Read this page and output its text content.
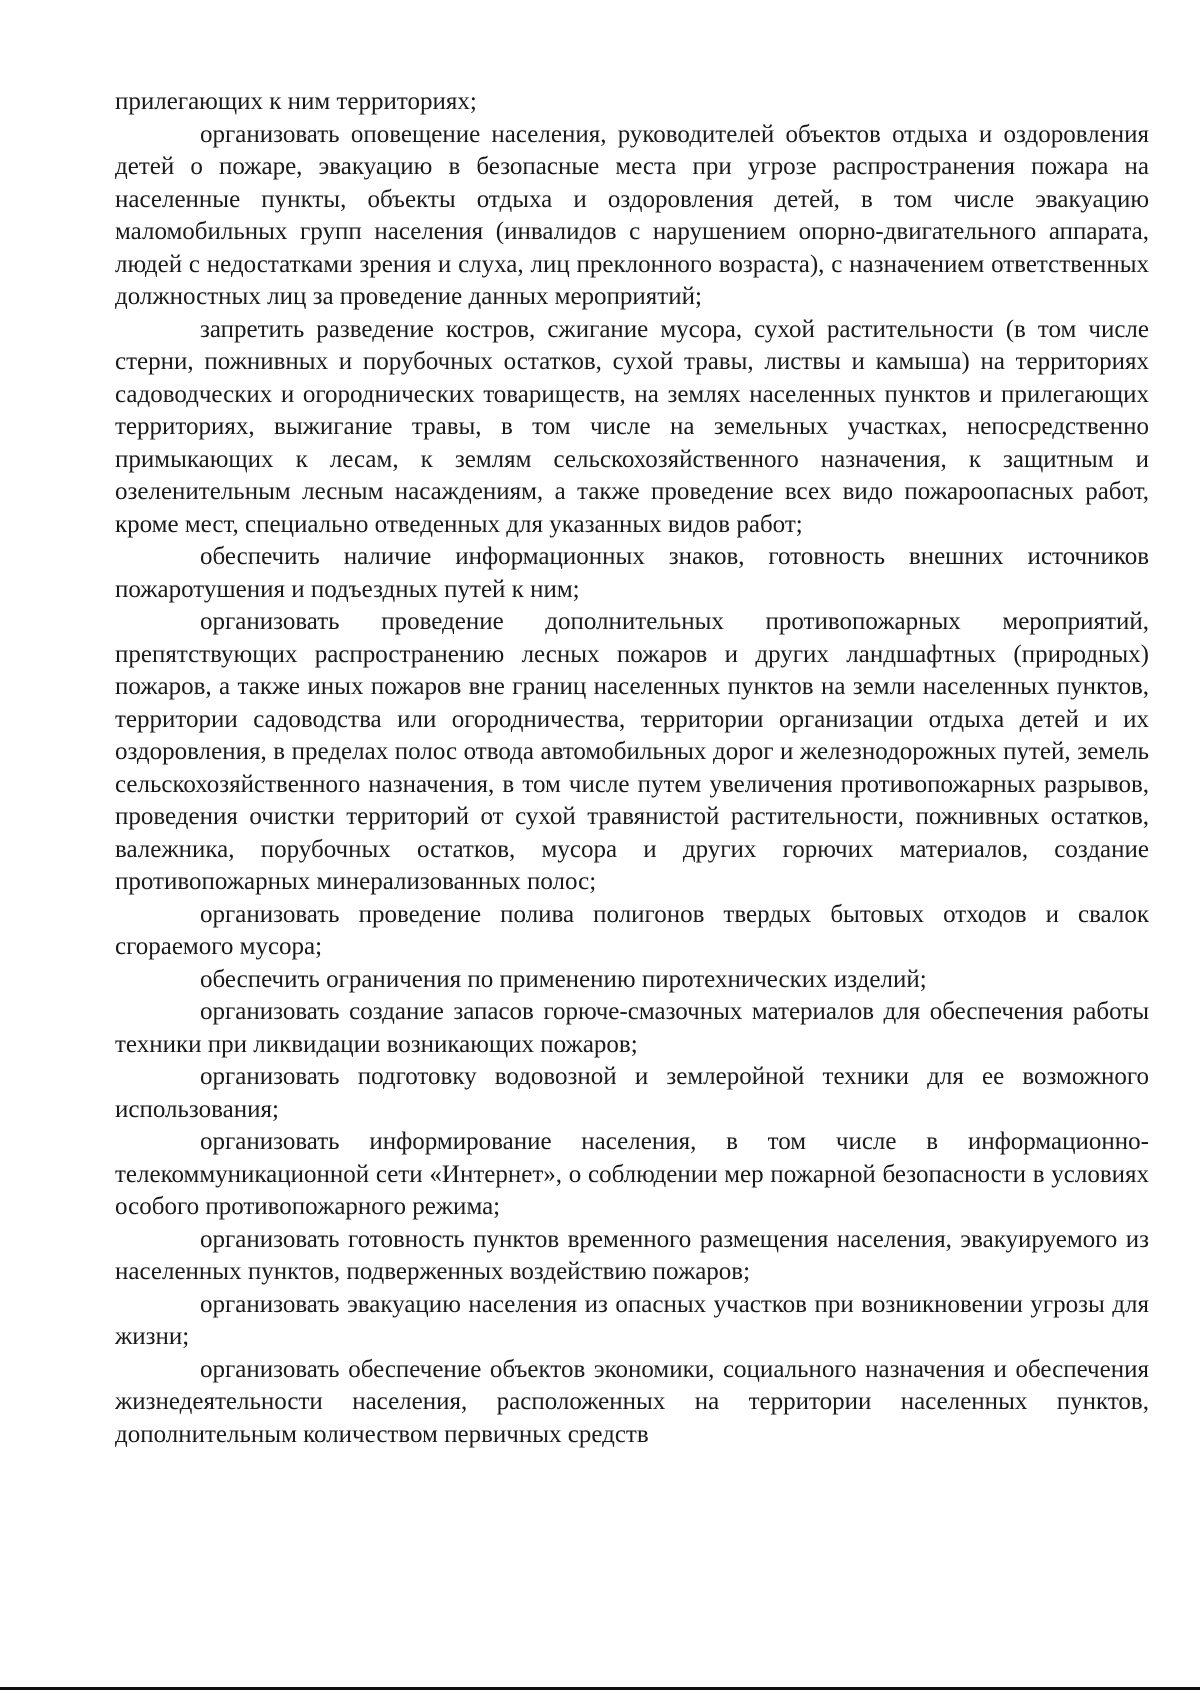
прилегающих к ним территориях;

организовать оповещение населения, руководителей объектов отдыха и оздоровления детей о пожаре, эвакуацию в безопасные места при угрозе распространения пожара на населенные пункты, объекты отдыха и оздоровления детей, в том числе эвакуацию маломобильных групп населения (инвалидов с нарушением опорно-двигательного аппарата, людей с недостатками зрения и слуха, лиц преклонного возраста), с назначением ответственных должностных лиц за проведение данных мероприятий;

запретить разведение костров, сжигание мусора, сухой растительности (в том числе стерни, пожнивных и порубочных остатков, сухой травы, листвы и камыша) на территориях садоводческих и огороднических товариществ, на землях населенных пунктов и прилегающих территориях, выжигание травы, в том числе на земельных участках, непосредственно примыкающих к лесам, к землям сельскохозяйственного назначения, к защитным и озеленительным лесным насаждениям, а также проведение всех видо пожароопасных работ, кроме мест, специально отведенных для указанных видов работ;

обеспечить наличие информационных знаков, готовность внешних источников пожаротушения и подъездных путей к ним;

организовать проведение дополнительных противопожарных мероприятий, препятствующих распространению лесных пожаров и других ландшафтных (природных) пожаров, а также иных пожаров вне границ населенных пунктов на земли населенных пунктов, территории садоводства или огородничества, территории организации отдыха детей и их оздоровления, в пределах полос отвода автомобильных дорог и железнодорожных путей, земель сельскохозяйственного назначения, в том числе путем увеличения противопожарных разрывов, проведения очистки территорий от сухой травянистой растительности, пожнивных остатков, валежника, порубочных остатков, мусора и других горючих материалов, создание противопожарных минерализованных полос;

организовать проведение полива полигонов твердых бытовых отходов и свалок сгораемого мусора;

обеспечить ограничения по применению пиротехнических изделий;

организовать создание запасов горюче-смазочных материалов для обеспечения работы техники при ликвидации возникающих пожаров;

организовать подготовку водовозной и землеройной техники для ее возможного использования;

организовать информирование населения, в том числе в информационно-телекоммуникационной сети «Интернет», о соблюдении мер пожарной безопасности в условиях особого противопожарного режима;

организовать готовность пунктов временного размещения населения, эвакуируемого из населенных пунктов, подверженных воздействию пожаров;

организовать эвакуацию населения из опасных участков при возникновении угрозы для жизни;

организовать обеспечение объектов экономики, социального назначения и обеспечения жизнедеятельности населения, расположенных на территории населенных пунктов, дополнительным количеством первичных средств
